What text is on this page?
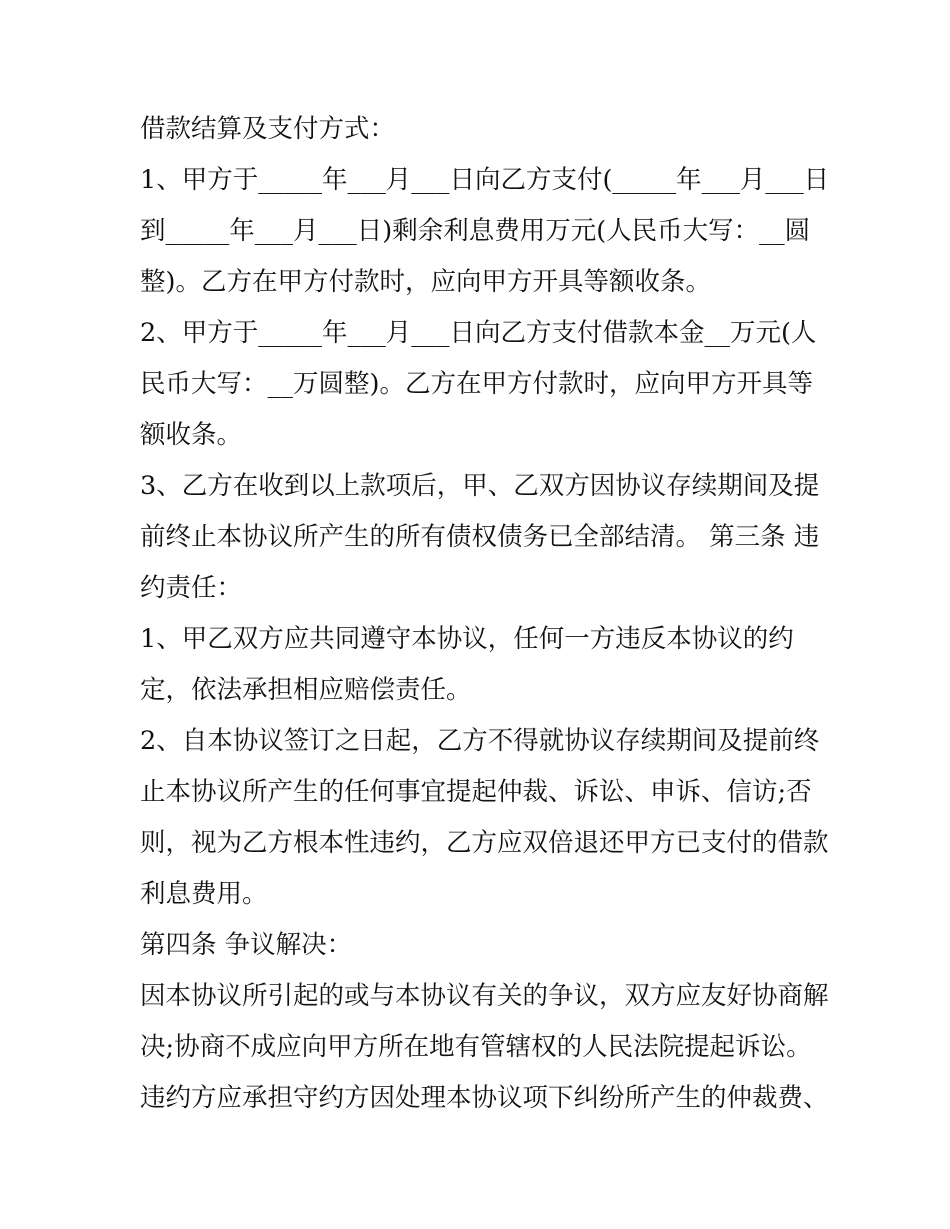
借款结算及支付方式：
1、甲方于_____年___月___日向乙方支付(_____年___月___日
到_____年___月___日)剩余利息费用万元(人民币大写：__圆
整)。乙方在甲方付款时，应向甲方开具等额收条。
2、甲方于_____年___月___日向乙方支付借款本金__万元(人
民币大写：__万圆整)。乙方在甲方付款时，应向甲方开具等
额收条。
3、乙方在收到以上款项后，甲、乙双方因协议存续期间及提
前终止本协议所产生的所有债权债务已全部结清。 第三条 违
约责任：
1、甲乙双方应共同遵守本协议，任何一方违反本协议的约
定，依法承担相应赔偿责任。
2、自本协议签订之日起，乙方不得就协议存续期间及提前终
止本协议所产生的任何事宜提起仲裁、诉讼、申诉、信访;否
则，视为乙方根本性违约，乙方应双倍退还甲方已支付的借款
利息费用。
第四条 争议解决：
因本协议所引起的或与本协议有关的争议，双方应友好协商解
决;协商不成应向甲方所在地有管辖权的人民法院提起诉讼。
违约方应承担守约方因处理本协议项下纠纷所产生的仲裁费、
